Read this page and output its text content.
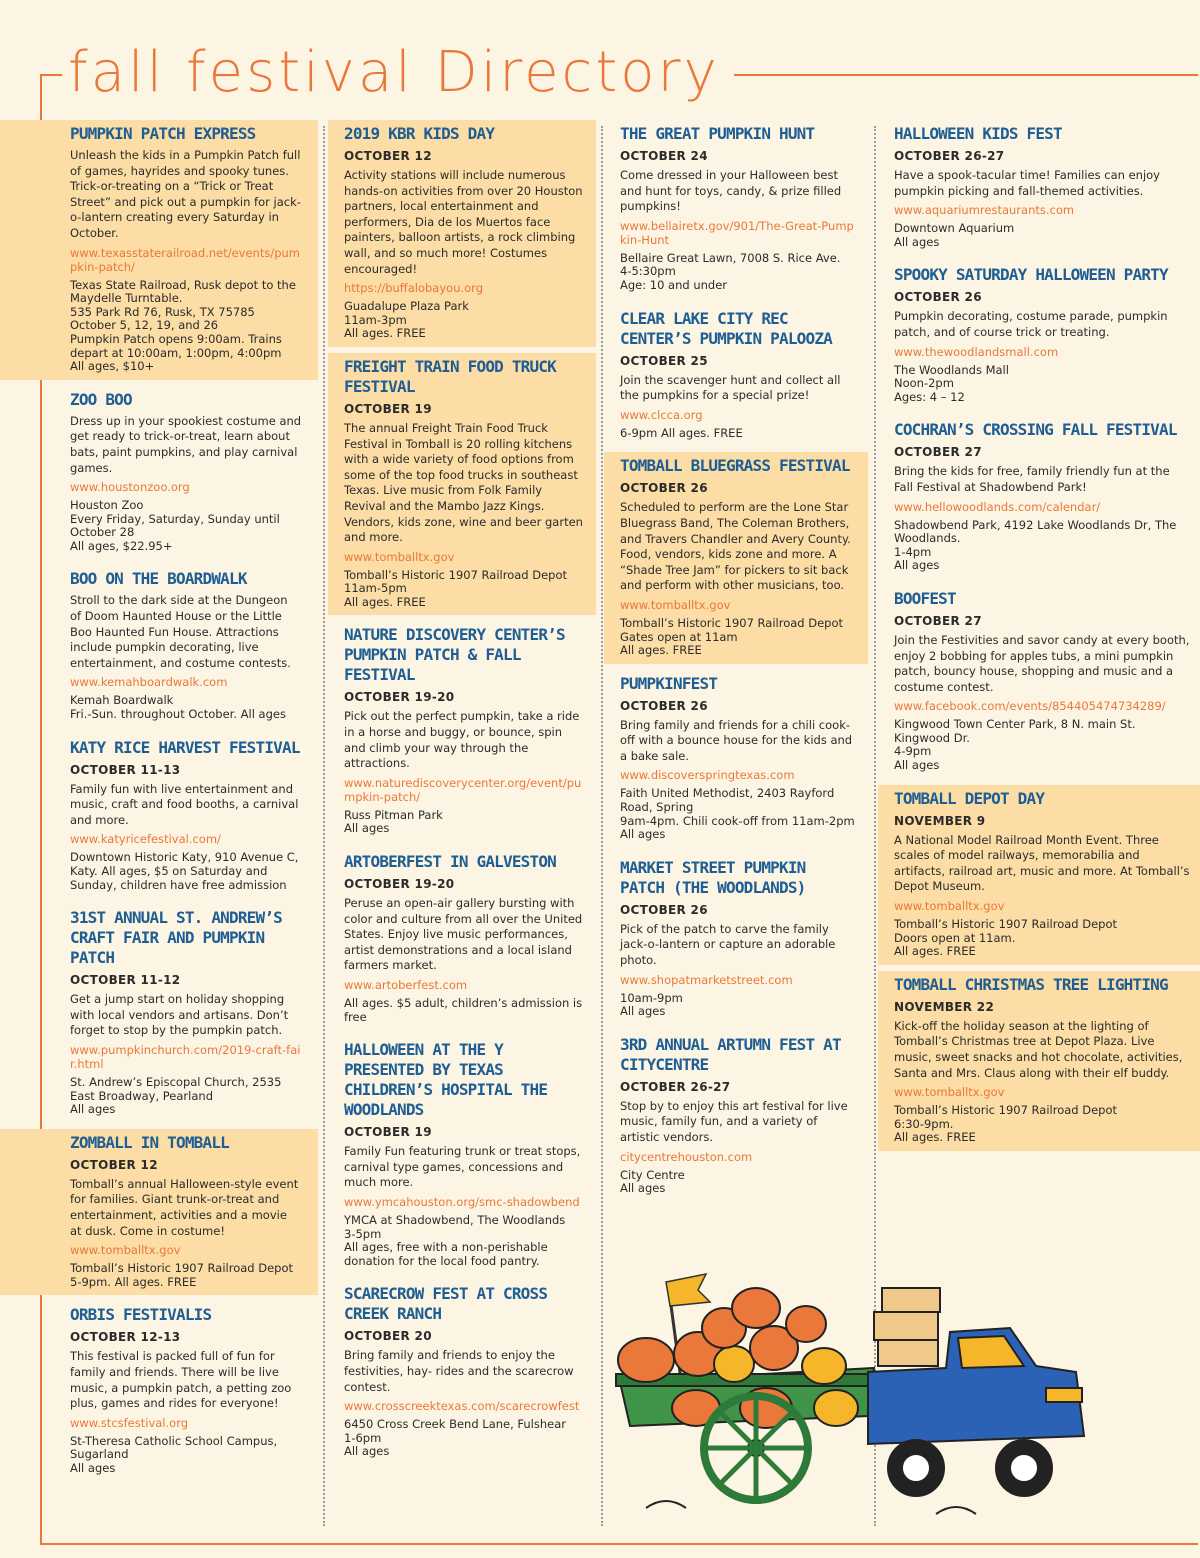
fall festival Directory
PUMPKIN PATCH EXPRESS
Unleash the kids in a Pumpkin Patch full of games, hayrides and spooky tunes. Trick-or-treating on a “Trick or Treat Street” and pick out a pumpkin for jack-o-lantern creating every Saturday in October.
www.texasstaterailroad.net/events/pumpkin-patch/
Texas State Railroad, Rusk depot to the Maydelle Turntable.
535 Park Rd 76, Rusk, TX 75785
October 5, 12, 19, and 26
Pumpkin Patch opens 9:00am. Trains depart at 10:00am, 1:00pm, 4:00pm
All ages, $10+
ZOO BOO
Dress up in your spookiest costume and get ready to trick-or-treat, learn about bats, paint pumpkins, and play carnival games.
www.houstonzoo.org
Houston Zoo
Every Friday, Saturday, Sunday until October 28
All ages, $22.95+
BOO ON THE BOARDWALK
Stroll to the dark side at the Dungeon of Doom Haunted House or the Little Boo Haunted Fun House. Attractions include pumpkin decorating, live entertainment, and costume contests.
www.kemahboardwalk.com
Kemah Boardwalk
Fri.-Sun. throughout October. All ages
KATY RICE HARVEST FESTIVAL
OCTOBER 11-13
Family fun with live entertainment and music, craft and food booths, a carnival and more.
www.katyricefestival.com/
Downtown Historic Katy, 910 Avenue C, Katy. All ages, $5 on Saturday and Sunday, children have free admission
31ST ANNUAL ST. ANDREW’S CRAFT FAIR AND PUMPKIN PATCH
OCTOBER 11-12
Get a jump start on holiday shopping with local vendors and artisans. Don’t forget to stop by the pumpkin patch.
www.pumpkinchurch.com/2019-craft-fair.html
St. Andrew’s Episcopal Church, 2535 East Broadway, Pearland
All ages
ZOMBALL IN TOMBALL
OCTOBER 12
Tomball’s annual Halloween-style event for families. Giant trunk-or-treat and entertainment, activities and a movie at dusk. Come in costume!
www.tomballtx.gov
Tomball’s Historic 1907 Railroad Depot
5-9pm. All ages. FREE
ORBIS FESTIVALIS
OCTOBER 12-13
This festival is packed full of fun for family and friends. There will be live music, a pumpkin patch, a petting zoo plus, games and rides for everyone!
www.stcsfestival.org
St-Theresa Catholic School Campus, Sugarland
All ages
2019 KBR KIDS DAY
OCTOBER 12
Activity stations will include numerous hands-on activities from over 20 Houston partners, local entertainment and performers, Dia de los Muertos face painters, balloon artists, a rock climbing wall, and so much more! Costumes encouraged!
https://buffalobayou.org
Guadalupe Plaza Park
11am-3pm
All ages. FREE
FREIGHT TRAIN FOOD TRUCK FESTIVAL
OCTOBER 19
The annual Freight Train Food Truck Festival in Tomball is 20 rolling kitchens with a wide variety of food options from some of the top food trucks in southeast Texas. Live music from Folk Family Revival and the Mambo Jazz Kings. Vendors, kids zone, wine and beer garten and more.
www.tomballtx.gov
Tomball’s Historic 1907 Railroad Depot
11am-5pm
All ages. FREE
NATURE DISCOVERY CENTER’S PUMPKIN PATCH & FALL FESTIVAL
OCTOBER 19-20
Pick out the perfect pumpkin, take a ride in a horse and buggy, or bounce, spin and climb your way through the attractions.
www.naturediscoverycenter.org/event/pumpkin-patch/
Russ Pitman Park
All ages
ARTOBERFEST IN GALVESTON
OCTOBER 19-20
Peruse an open-air gallery bursting with color and culture from all over the United States. Enjoy live music performances, artist demonstrations and a local island farmers market.
www.artoberfest.com
All ages. $5 adult, children’s admission is free
HALLOWEEN AT THE Y PRESENTED BY TEXAS CHILDREN’S HOSPITAL THE WOODLANDS
OCTOBER 19
Family Fun featuring trunk or treat stops, carnival type games, concessions and much more.
www.ymcahouston.org/smc-shadowbend
YMCA at Shadowbend, The Woodlands
3-5pm
All ages, free with a non-perishable donation for the local food pantry.
SCARECROW FEST AT CROSS CREEK RANCH
OCTOBER 20
Bring family and friends to enjoy the festivities, hay- rides and the scarecrow contest.
www.crosscreektexas.com/scarecrowfest
6450 Cross Creek Bend Lane, Fulshear
1-6pm
All ages
THE GREAT PUMPKIN HUNT
OCTOBER 24
Come dressed in your Halloween best and hunt for toys, candy, & prize filled pumpkins!
www.bellairetx.gov/901/The-Great-Pumpkin-Hunt
Bellaire Great Lawn, 7008 S. Rice Ave.
4-5:30pm
Age: 10 and under
CLEAR LAKE CITY REC CENTER’S PUMPKIN PALOOZA
OCTOBER 25
Join the scavenger hunt and collect all the pumpkins for a special prize!
www.clcca.org
6-9pm All ages. FREE
TOMBALL BLUEGRASS FESTIVAL
OCTOBER 26
Scheduled to perform are the Lone Star Bluegrass Band, The Coleman Brothers, and Travers Chandler and Avery County. Food, vendors, kids zone and more. A “Shade Tree Jam” for pickers to sit back and perform with other musicians, too.
www.tomballtx.gov
Tomball’s Historic 1907 Railroad Depot
Gates open at 11am
All ages. FREE
PUMPKINFEST
OCTOBER 26
Bring family and friends for a chili cook-off with a bounce house for the kids and a bake sale.
www.discoverspringtexas.com
Faith United Methodist, 2403 Rayford Road, Spring
9am-4pm. Chili cook-off from 11am-2pm
All ages
MARKET STREET PUMPKIN PATCH (THE WOODLANDS)
OCTOBER 26
Pick of the patch to carve the family jack-o-lantern or capture an adorable photo.
www.shopatmarketstreet.com
10am-9pm
All ages
3RD ANNUAL ARTUMN FEST AT CITYCENTRE
OCTOBER 26-27
Stop by to enjoy this art festival for live music, family fun, and a variety of artistic vendors.
citycentrehouston.com
City Centre
All ages
HALLOWEEN KIDS FEST
OCTOBER 26-27
Have a spook-tacular time! Families can enjoy pumpkin picking and fall-themed activities.
www.aquariumrestaurants.com
Downtown Aquarium
All ages
SPOOKY SATURDAY HALLOWEEN PARTY
OCTOBER 26
Pumpkin decorating, costume parade, pumpkin patch, and of course trick or treating.
www.thewoodlandsmall.com
The Woodlands Mall
Noon-2pm
Ages: 4 – 12
COCHRAN’S CROSSING FALL FESTIVAL
OCTOBER 27
Bring the kids for free, family friendly fun at the Fall Festival at Shadowbend Park!
www.hellowoodlands.com/calendar/
Shadowbend Park, 4192 Lake Woodlands Dr, The Woodlands.
1-4pm
All ages
BOOFEST
OCTOBER 27
Join the Festivities and savor candy at every booth, enjoy 2 bobbing for apples tubs, a mini pumpkin patch, bouncy house, shopping and music and a costume contest.
www.facebook.com/events/854405474734289/
Kingwood Town Center Park, 8 N. main St. Kingwood Dr.
4-9pm
All ages
TOMBALL DEPOT DAY
NOVEMBER 9
A National Model Railroad Month Event. Three scales of model railways, memorabilia and artifacts, railroad art, music and more. At Tomball’s Depot Museum.
www.tomballtx.gov
Tomball’s Historic 1907 Railroad Depot
Doors open at 11am.
All ages. FREE
TOMBALL CHRISTMAS TREE LIGHTING
NOVEMBER 22
Kick-off the holiday season at the lighting of Tomball’s Christmas tree at Depot Plaza. Live music, sweet snacks and hot chocolate, activities, Santa and Mrs. Claus along with their elf buddy.
www.tomballtx.gov
Tomball’s Historic 1907 Railroad Depot
6:30-9pm.
All ages. FREE
